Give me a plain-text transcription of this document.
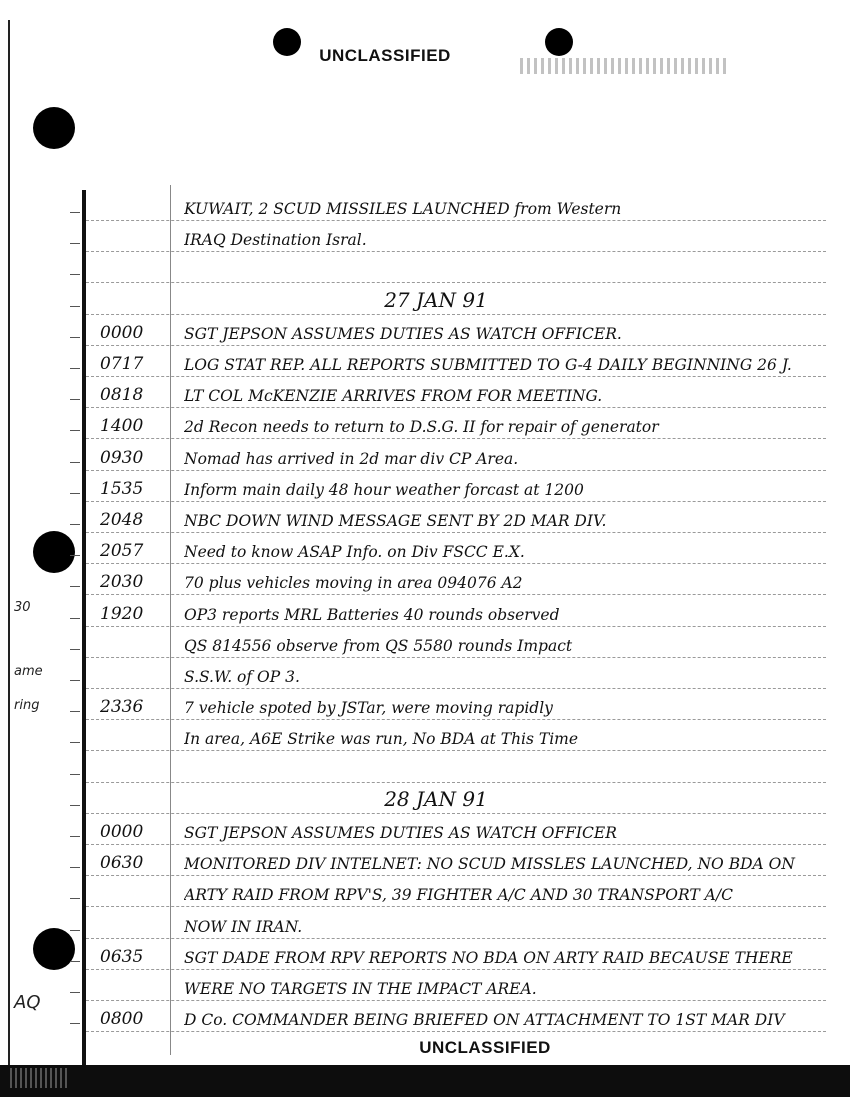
UNCLASSIFIED
KUWAIT, 2 SCUD MISSILES LAUNCHED from Western
IRAQ Destination Isral.
27 JAN 91
0000	SGT JEPSON ASSUMES DUTIES AS WATCH OFFICER.
0717	LOG STAT REP. ALL REPORTS SUBMITTED TO G-4 DAILY BEGINNING 26 J.
0818	LT COL McKENZIE ARRIVES FROM FOR MEETING.
1400	2d Recon needs to return to D.S.G. II for repair of generator
0930	Nomad has arrived in 2d mar div CP Area.
1535	Inform main daily 48 hour weather forcast at 1200
2048	NBC DOWN WIND MESSAGE SENT BY 2D MAR DIV.
2057	Need to know ASAP Info. on Div FSCC E.X.
2030	70 plus vehicles moving in area 094076 A2
1920	OP3 reports MRL Batteries 40 rounds observed
QS 814556 observe from QS 5580 rounds Impact
S.S.W. of OP 3.
2336	7 vehicle spoted by JSTar, were moving rapidly
In area, A6E Strike was run, No BDA at This Time
28 JAN 91
0000	SGT JEPSON ASSUMES DUTIES AS WATCH OFFICER
0630	MONITORED DIV INTELNET: NO SCUD MISSLES LAUNCHED, NO BDA ON
ARTY RAID FROM RPV'S, 39 FIGHTER A/C AND 30 TRANSPORT A/C
NOW IN IRAN.
0635	SGT DADE FROM RPV REPORTS NO BDA ON ARTY RAID BECAUSE THERE
WERE NO TARGETS IN THE IMPACT AREA.
0800	D Co. COMMANDER BEING BRIEFED ON ATTACHMENT TO 1ST MAR DIV
30
ame
ring
AQ
UNCLASSIFIED
